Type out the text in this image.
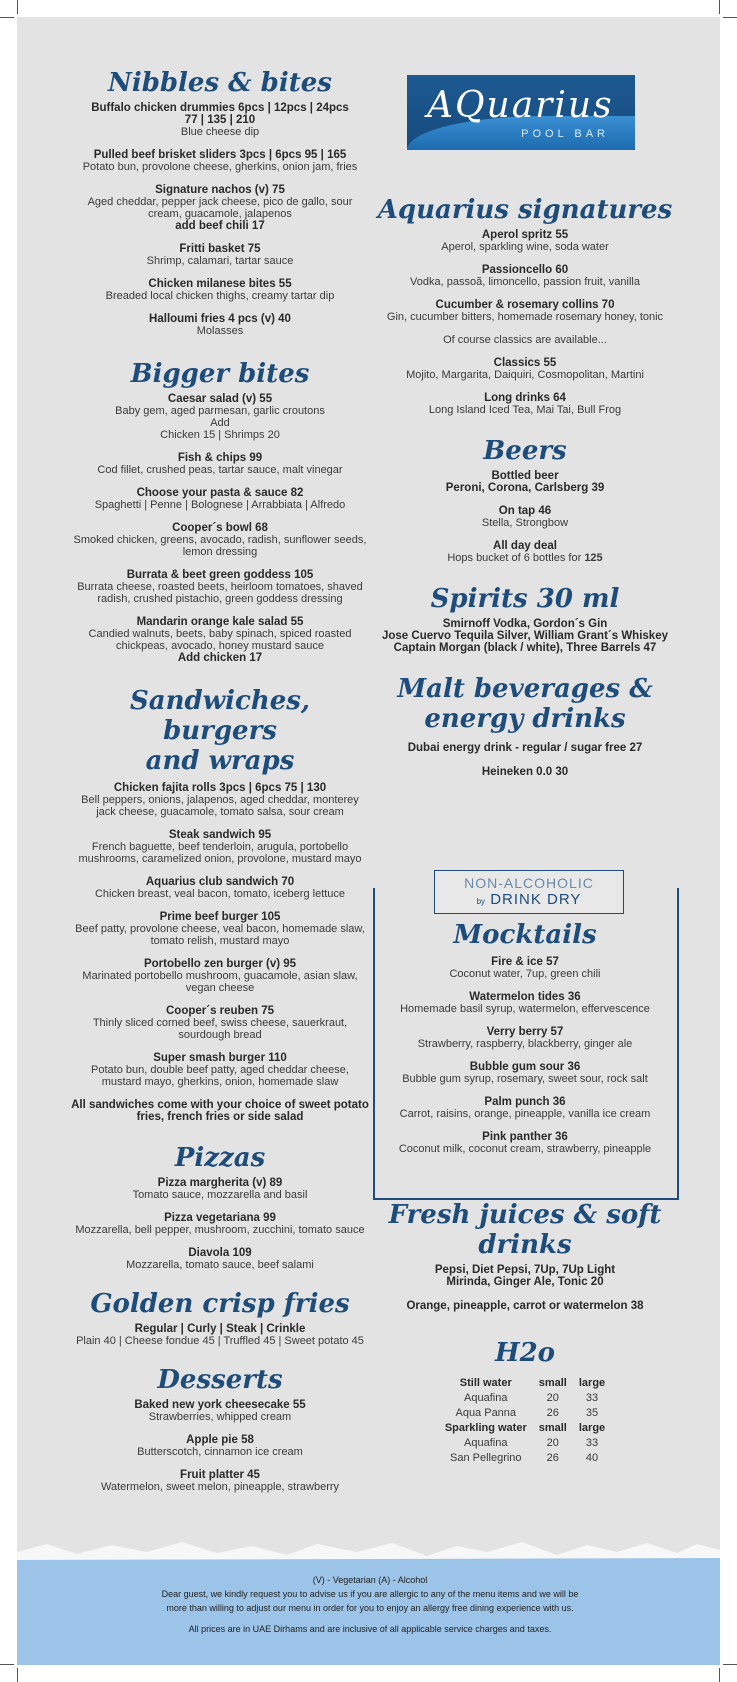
Nibbles & bites
Buffalo chicken drummies 6pcs | 12pcs | 24pcs
77 | 135 | 210
Blue cheese dip
Pulled beef brisket sliders 3pcs | 6pcs 95 | 165
Potato bun, provolone cheese, gherkins, onion jam, fries
Signature nachos (v) 75
Aged cheddar, pepper jack cheese, pico de gallo, sour cream, guacamole, jalapenos
add beef chili 17
Fritti basket 75
Shrimp, calamari, tartar sauce
Chicken milanese bites 55
Breaded local chicken thighs, creamy tartar dip
Halloumi fries 4 pcs (v) 40
Molasses
Bigger bites
Caesar salad (v) 55
Baby gem, aged parmesan, garlic croutons
Add
Chicken 15 | Shrimps 20
Fish & chips 99
Cod fillet, crushed peas, tartar sauce, malt vinegar
Choose your pasta & sauce 82
Spaghetti | Penne | Bolognese | Arrabbiata | Alfredo
Cooper´s bowl 68
Smoked chicken, greens, avocado, radish, sunflower seeds, lemon dressing
Burrata & beet green goddess 105
Burrata cheese, roasted beets, heirloom tomatoes, shaved radish, crushed pistachio, green goddess dressing
Mandarin orange kale salad 55
Candied walnuts, beets, baby spinach, spiced roasted chickpeas, avocado, honey mustard sauce
Add chicken 17
Sandwiches, burgers
and wraps
Chicken fajita rolls 3pcs | 6pcs 75 | 130
Bell peppers, onions, jalapenos, aged cheddar, monterey jack cheese, guacamole, tomato salsa, sour cream
Steak sandwich 95
French baguette, beef tenderloin, arugula, portobello mushrooms, caramelized onion, provolone, mustard mayo
Aquarius club sandwich 70
Chicken breast, veal bacon, tomato, iceberg lettuce
Prime beef burger 105
Beef patty, provolone cheese, veal bacon, homemade slaw, tomato relish, mustard mayo
Portobello zen burger (v) 95
Marinated portobello mushroom, guacamole, asian slaw, vegan cheese
Cooper´s reuben 75
Thinly sliced corned beef, swiss cheese, sauerkraut, sourdough bread
Super smash burger 110
Potato bun, double beef patty, aged cheddar cheese, mustard mayo, gherkins, onion, homemade slaw
All sandwiches come with your choice of sweet potato fries, french fries or side salad
Pizzas
Pizza margherita (v) 89
Tomato sauce, mozzarella and basil
Pizza vegetariana 99
Mozzarella, bell pepper, mushroom, zucchini, tomato sauce
Diavola 109
Mozzarella, tomato sauce, beef salami
Golden crisp fries
Regular | Curly | Steak | Crinkle
Plain 40 | Cheese fondue 45 | Truffled 45 | Sweet potato 45
Desserts
Baked new york cheesecake 55
Strawberries, whipped cream
Apple pie 58
Butterscotch, cinnamon ice cream
Fruit platter 45
Watermelon, sweet melon, pineapple, strawberry
AQuarius
POOL BAR
Aquarius signatures
Aperol spritz 55
Aperol, sparkling wine, soda water
Passioncello 60
Vodka, passoã, limoncello, passion fruit, vanilla
Cucumber & rosemary collins 70
Gin, cucumber bitters, homemade rosemary honey, tonic
Of course classics are available...
Classics 55
Mojito, Margarita, Daiquiri, Cosmopolitan, Martini
Long drinks 64
Long Island Iced Tea, Mai Tai, Bull Frog
Beers
Bottled beer
Peroni, Corona, Carlsberg 39
On tap 46
Stella, Strongbow
All day deal
Hops bucket of 6 bottles for 125
Spirits 30 ml
Smirnoff Vodka, Gordon´s Gin
Jose Cuervo Tequila Silver, William Grant´s Whiskey
Captain Morgan (black / white), Three Barrels 47
Malt beverages &
energy drinks
Dubai energy drink - regular / sugar free 27
Heineken 0.0 30
NON-ALCOHOLIC
by DRINK DRY
Mocktails
Fire & ice 57
Coconut water, 7up, green chili
Watermelon tides 36
Homemade basil syrup, watermelon, effervescence
Verry berry 57
Strawberry, raspberry, blackberry, ginger ale
Bubble gum sour 36
Bubble gum syrup, rosemary, sweet sour, rock salt
Palm punch 36
Carrot, raisins, orange, pineapple, vanilla ice cream
Pink panther 36
Coconut milk, coconut cream, strawberry, pineapple
Fresh juices & soft drinks
Pepsi, Diet Pepsi, 7Up, 7Up Light
Mirinda, Ginger Ale, Tonic 20
Orange, pineapple, carrot or watermelon 38
H2o
Still water	small	large
Aquafina	20	33
Aqua Panna	26	35
Sparkling water	small	large
Aquafina	20	33
San Pellegrino	26	40
(V) - Vegetarian (A) - Alcohol
Dear guest, we kindly request you to advise us if you are allergic to any of the menu items and we will be
more than willing to adjust our menu in order for you to enjoy an allergy free dining experience with us.
All prices are in UAE Dirhams and are inclusive of all applicable service charges and taxes.
